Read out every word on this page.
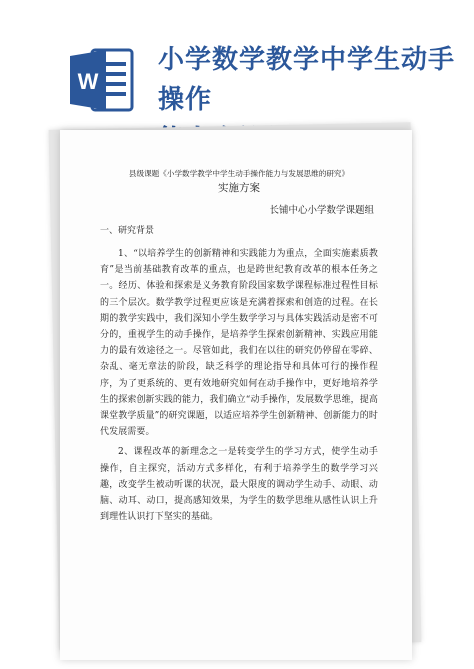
W
小学数学教学中学生动手操作
县级课题《小学数学教学中学生动手操作能力与发展思维的研究》
实施方案
长铺中心小学数学课题组
一、研究背景

1、“以培养学生的创新精神和实践能力为重点，全面实施素质教育”是当前基础教育改革的重点，也是跨世纪教育改革的根本任务之一。经历、体验和探索是义务教育阶段国家数学课程标准过程性目标的三个层次。数学教学过程更应该是充满着探索和创造的过程。在长期的教学实践中，我们深知小学生数学学习与具体实践活动是密不可分的，重视学生的动手操作，是培养学生探索创新精神、实践应用能力的最有效途径之一。尽管如此，我们在以往的研究仍停留在零碎、杂乱、毫无章法的阶段，缺乏科学的理论指导和具体可行的操作程序，为了更系统的、更有效地研究如何在动手操作中，更好地培养学生的探索创新实践的能力，我们确立“动手操作，发展数学思维，提高课堂教学质量”的研究课题，以适应培养学生创新精神、创新能力的时代发展需要。

2、课程改革的新理念之一是转变学生的学习方式，使学生动手操作，自主探究，活动方式多样化，有利于培养学生的数学学习兴趣，改变学生被动听课的状况，最大限度的调动学生动手、动眼、动脑、动耳、动口，提高感知效果，为学生的数学思维从感性认识上升到理性认识打下坚实的基础。
